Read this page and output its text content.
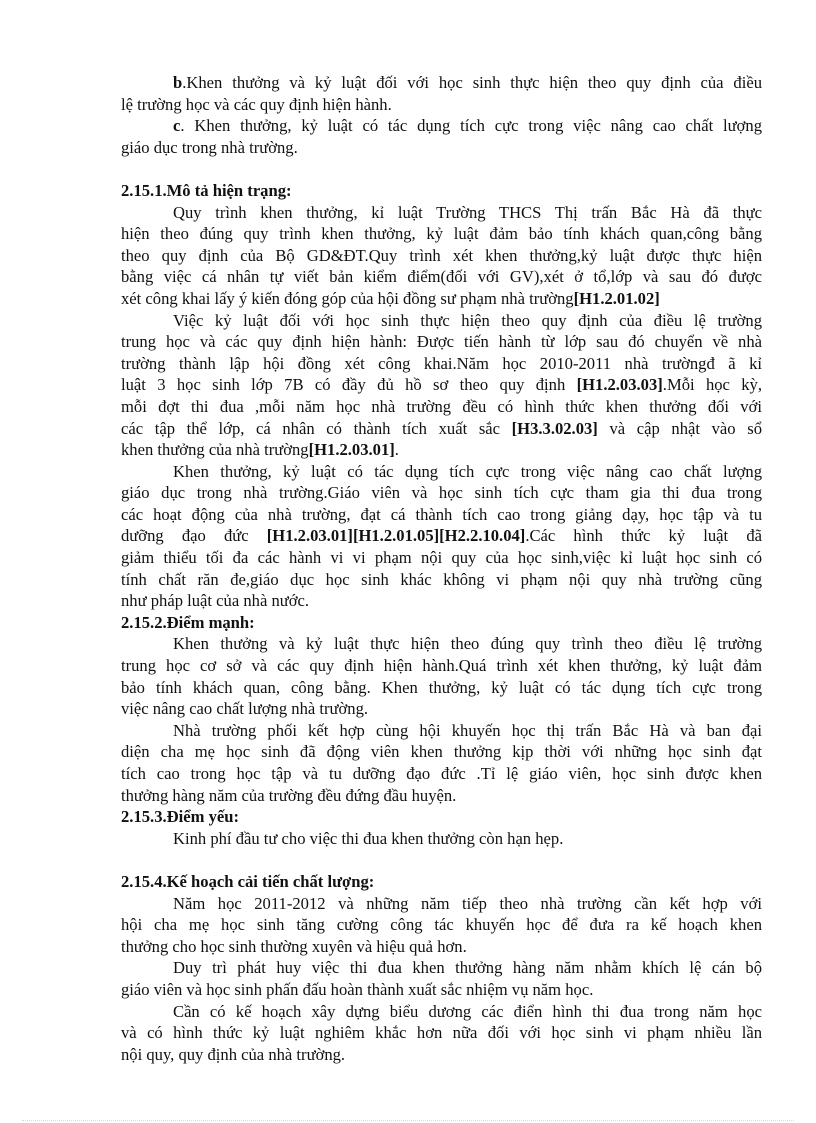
b.Khen thưởng và kỷ luật đối với học sinh thực hiện theo quy định của điều
lệ trường học và các quy định hiện hành.
c. Khen thưởng, kỷ luật có tác dụng tích cực trong việc nâng cao chất lượng
giáo dục trong nhà trường.
2.15.1.Mô tả hiện trạng:
Quy trình khen thưởng, kỉ luật Trường THCS Thị trấn Bắc Hà đã thực
hiện theo đúng quy trình khen thưởng, kỷ luật đảm bảo tính khách quan,công bằng
theo quy định của Bộ GD&ĐT.Quy trình xét khen thưởng,kỷ luật được thực hiện
bằng việc cá nhân tự viết bản kiểm điểm(đối với GV),xét ở tổ,lớp và sau đó được
xét công khai lấy ý kiến đóng góp của hội đồng sư phạm nhà trường[H1.2.01.02]
Việc kỷ luật đối với học sinh thực hiện theo quy định của điều lệ trường
trung học và các quy định hiện hành: Được tiến hành từ lớp sau đó chuyển về nhà
trường thành lập hội đồng xét công khai.Năm học 2010-2011 nhà trườngđ ã kỉ
luật 3 học sinh lớp 7B có đầy đủ hồ sơ theo quy định [H1.2.03.03].Mỗi học kỳ,
mỗi đợt thi đua ,mỗi năm học nhà trường đều có hình thức khen thưởng đối với
các tập thể lớp, cá nhân có thành tích xuất sắc [H3.3.02.03] và cập nhật vào sổ
khen thưởng của nhà trường[H1.2.03.01].
Khen thưởng, kỷ luật có tác dụng tích cực trong việc nâng cao chất lượng
giáo dục trong nhà trường.Giáo viên và học sinh tích cực tham gia thi đua trong
các hoạt động của nhà trường, đạt cá thành tích cao trong giảng dạy, học tập và tu
dưỡng đạo đức [H1.2.03.01][H1.2.01.05][H2.2.10.04].Các hình thức kỷ luật đã
giảm thiểu tối đa các hành vi vi phạm nội quy của học sinh,việc kỉ luật học sinh có
tính chất răn đe,giáo dục học sinh khác không vi phạm nội quy nhà trường cũng
như pháp luật của nhà nước.
2.15.2.Điểm mạnh:
Khen thưởng và kỷ luật thực hiện theo đúng quy trình theo điều lệ trường
trung học cơ sở và các quy định hiện hành.Quá trình xét khen thưởng, kỷ luật đảm
bảo tính khách quan, công bằng. Khen thưởng, kỷ luật có tác dụng tích cực trong
việc nâng cao chất lượng nhà trường.
Nhà trường phối kết hợp cùng hội khuyến học thị trấn Bắc Hà và ban đại
diện cha mẹ học sinh đã động viên khen thưởng kịp thời với những học sinh đạt
tích cao trong học tập và tu dưỡng đạo đức .Tỉ lệ giáo viên, học sinh được khen
thưởng hàng năm của trường đều đứng đầu huyện.
2.15.3.Điểm yếu:
Kinh phí đầu tư cho việc thi đua khen thưởng còn hạn hẹp.
2.15.4.Kế hoạch cải tiến chất lượng:
Năm học 2011-2012 và những năm tiếp theo nhà trường cần kết hợp với
hội cha mẹ học sinh tăng cường công tác khuyến học để đưa ra kế hoạch khen
thưởng cho học sinh thường xuyên và hiệu quả hơn.
Duy trì phát huy việc thi đua khen thưởng hàng năm nhằm khích lệ cán bộ
giáo viên và học sinh phấn đấu hoàn thành xuất sắc nhiệm vụ năm học.
Cần có kế hoạch xây dựng biểu dương các điển hình thi đua trong năm học
và có hình thức kỷ luật nghiêm khắc hơn nữa đối với học sinh vi phạm nhiều lần
nội quy, quy định của nhà trường.
